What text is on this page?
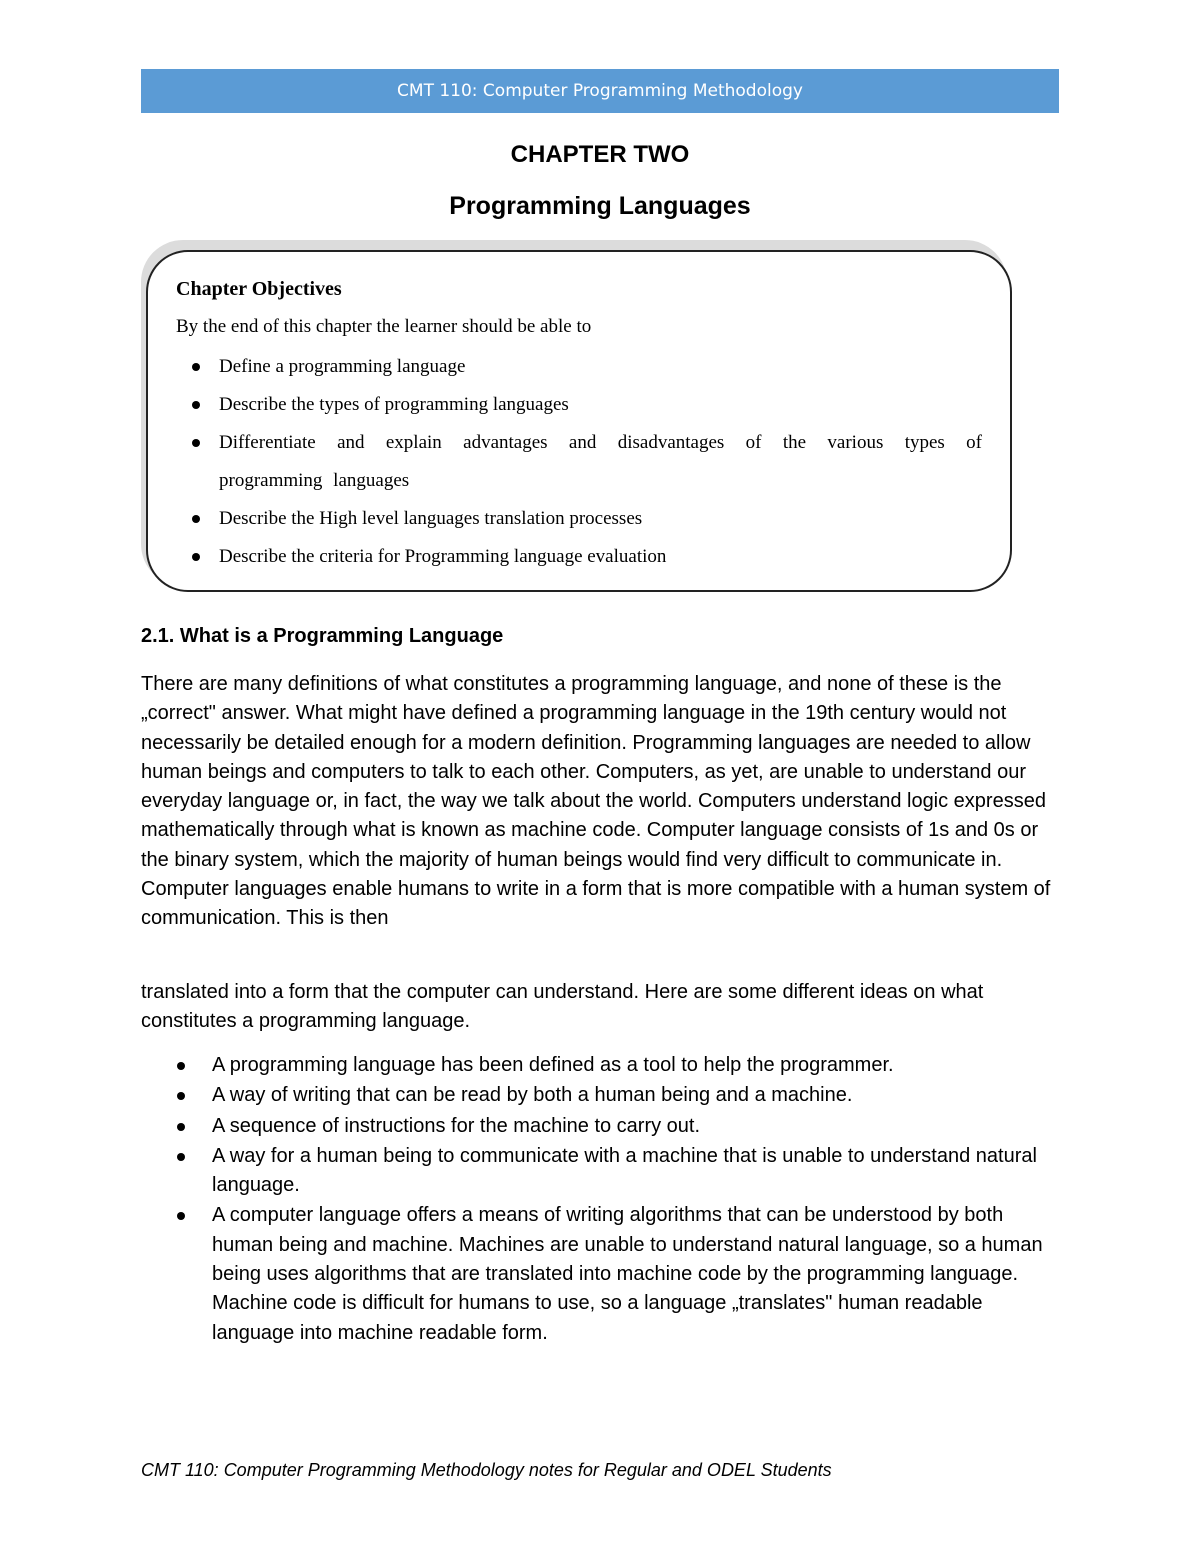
CMT 110: Computer Programming Methodology
CHAPTER TWO
Programming Languages

Chapter Objectives

By the end of this chapter the learner should be able to

Define a programming language
Describe the types of programming languages
Differentiate and explain advantages and disadvantages of the various types of programming languages
Describe the High level languages translation processes
Describe the criteria for Programming language evaluation
2.1. What is a Programming Language
There are many definitions of what constitutes a programming language, and none of these is the „correct" answer. What might have defined a programming language in the 19th century would not necessarily be detailed enough for a modern definition. Programming languages are needed to allow human beings and computers to talk to each other. Computers, as yet, are unable to understand our everyday language or, in fact, the way we talk about the world. Computers understand logic expressed mathematically through what is known as machine code. Computer language consists of 1s and 0s or the binary system, which the majority of human beings would find very difficult to communicate in. Computer languages enable humans to write in a form that is more compatible with a human system of communication. This is then
translated into a form that the computer can understand. Here are some different ideas on what constitutes a programming language.
A programming language has been defined as a tool to help the programmer.
A way of writing that can be read by both a human being and a machine.
A sequence of instructions for the machine to carry out.
A way for a human being to communicate with a machine that is unable to understand natural language.
A computer language offers a means of writing algorithms that can be understood by both human being and machine. Machines are unable to understand natural language, so a human being uses algorithms that are translated into machine code by the programming language. Machine code is difficult for humans to use, so a language „translates" human readable language into machine readable form.
CMT 110: Computer Programming Methodology notes for Regular and ODEL Students
